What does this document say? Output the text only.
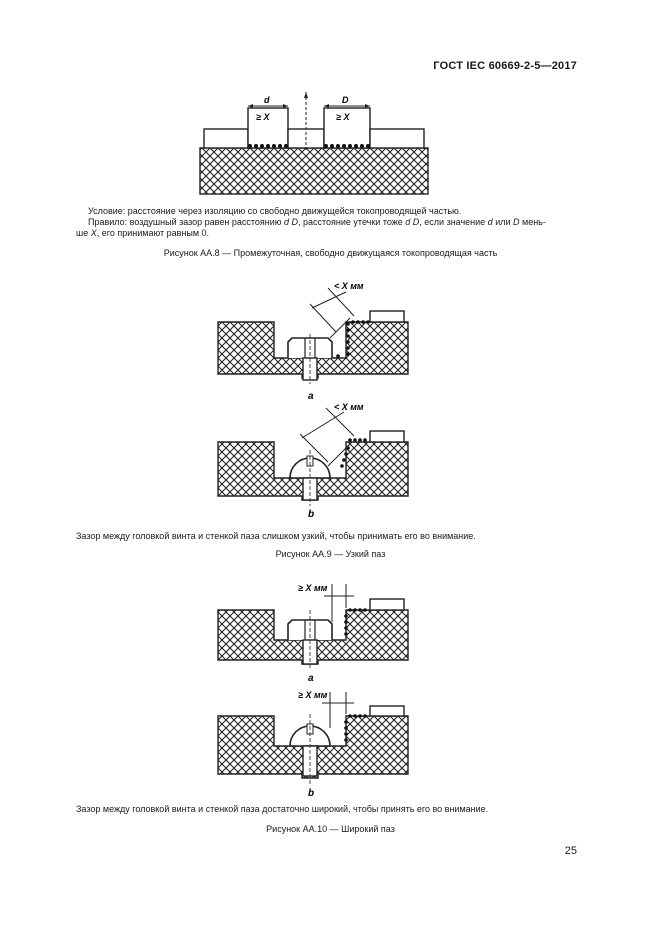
ГОСТ IEC 60669-2-5—2017
d	D
≥ X	≥ X
Условие: расстояние через изоляцию со свободно движущейся токопроводящей частью.
Правило: воздушный зазор равен расстоянию d D, расстояние утечки тоже d D, если значение d или D мень-
ше X, его принимают равным 0.
Рисунок АА.8 — Промежуточная, свободно движущаяся токопроводящая часть
< X мм
a
< X мм
b
Зазор между головкой винта и стенкой паза слишком узкий, чтобы принимать его во внимание.
Рисунок АА.9 — Узкий паз
≥ X мм
a
≥ X мм
b
Зазор между головкой винта и стенкой паза достаточно широкий, чтобы принять его во внимание.
Рисунок АА.10 — Широкий паз
25
